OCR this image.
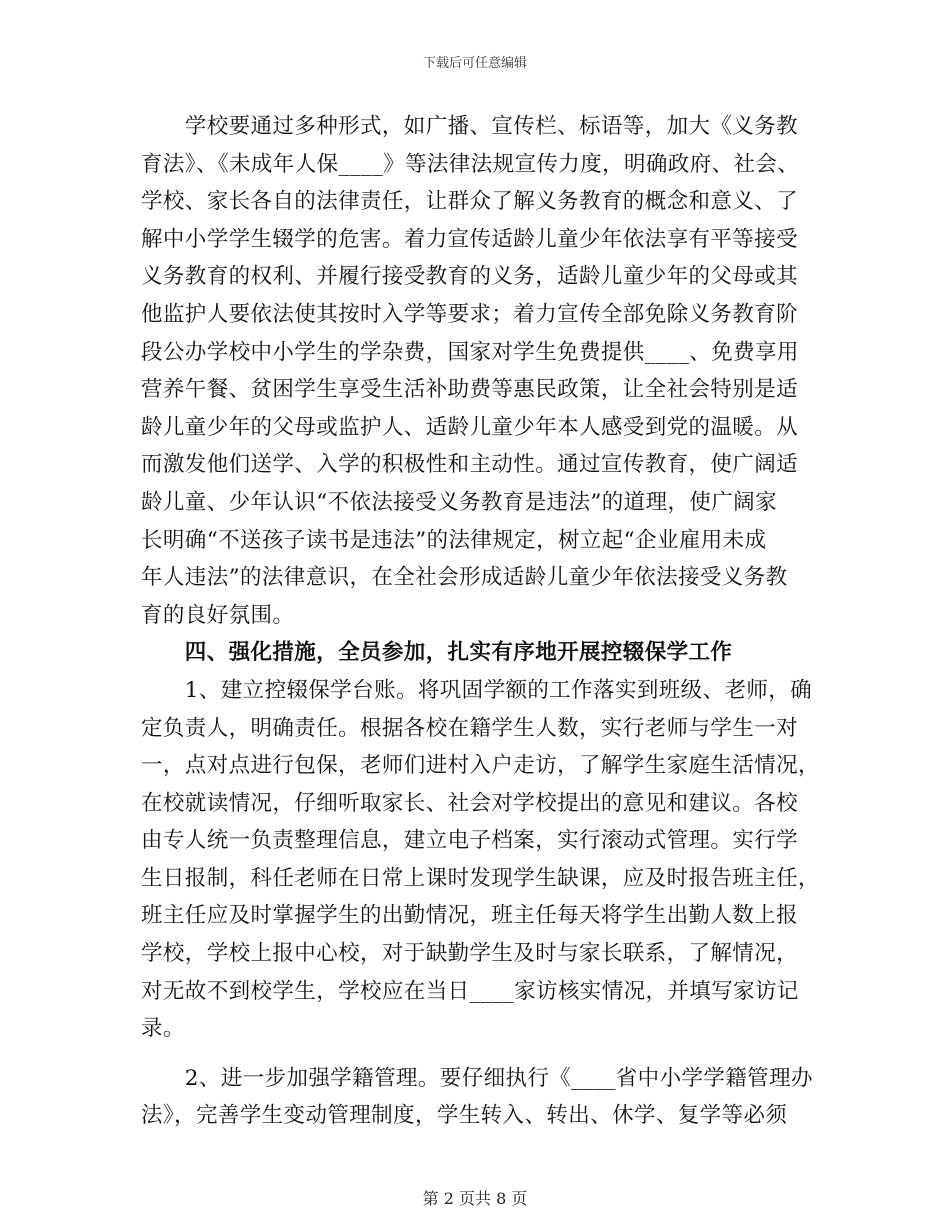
下载后可任意编辑
　　学校要通过多种形式，如广播、宣传栏、标语等，加大《义务教
育法》、《未成年人保____》等法律法规宣传力度，明确政府、社会、
学校、家长各自的法律责任，让群众了解义务教育的概念和意义、了
解中小学学生辍学的危害。着力宣传适龄儿童少年依法享有平等接受
义务教育的权利、并履行接受教育的义务，适龄儿童少年的父母或其
他监护人要依法使其按时入学等要求；着力宣传全部免除义务教育阶
段公办学校中小学生的学杂费，国家对学生免费提供____、免费享用
营养午餐、贫困学生享受生活补助费等惠民政策，让全社会特别是适
龄儿童少年的父母或监护人、适龄儿童少年本人感受到党的温暖。从
而激发他们送学、入学的积极性和主动性。通过宣传教育，使广阔适
龄儿童、少年认识“不依法接受义务教育是违法”的道理，使广阔家
长明确“不送孩子读书是违法”的法律规定，树立起“企业雇用未成
年人违法”的法律意识，在全社会形成适龄儿童少年依法接受义务教
育的良好氛围。
　　四、强化措施，全员参加，扎实有序地开展控辍保学工作
　　1、建立控辍保学台账。将巩固学额的工作落实到班级、老师，确
定负责人，明确责任。根据各校在籍学生人数，实行老师与学生一对
一，点对点进行包保，老师们进村入户走访，了解学生家庭生活情况，
在校就读情况，仔细听取家长、社会对学校提出的意见和建议。各校
由专人统一负责整理信息，建立电子档案，实行滚动式管理。实行学
生日报制，科任老师在日常上课时发现学生缺课，应及时报告班主任，
班主任应及时掌握学生的出勤情况，班主任每天将学生出勤人数上报
学校，学校上报中心校，对于缺勤学生及时与家长联系，了解情况，
对无故不到校学生，学校应在当日____家访核实情况，并填写家访记
录。
　　2、进一步加强学籍管理。要仔细执行《____省中小学学籍管理办
法》，完善学生变动管理制度，学生转入、转出、休学、复学等必须
第 2 页共 8 页
